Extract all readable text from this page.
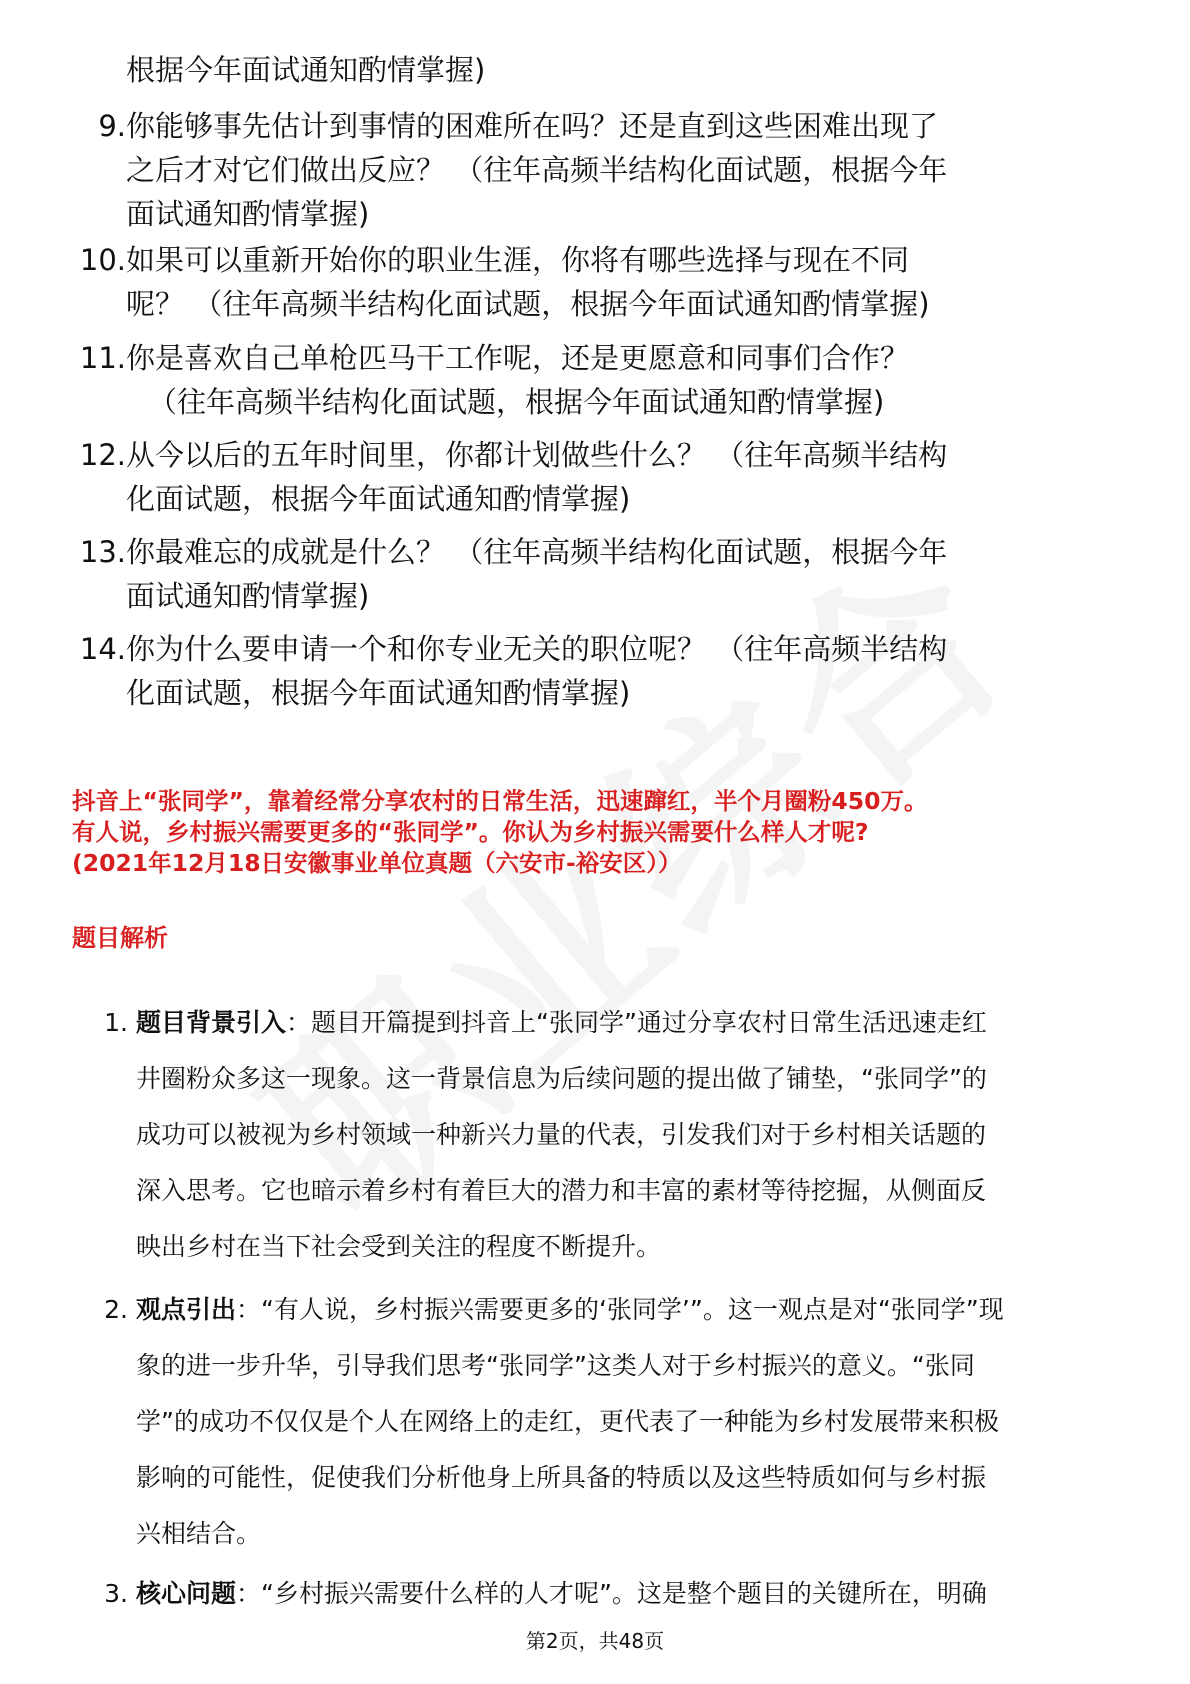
根据今年面试通知酌情掌握)
9. 你能够事先估计到事情的困难所在吗？还是直到这些困难出现了
之后才对它们做出反应？ （往年高频半结构化面试题，根据今年
面试通知酌情掌握)
10. 如果可以重新开始你的职业生涯，你将有哪些选择与现在不同
呢？ （往年高频半结构化面试题，根据今年面试通知酌情掌握)
11. 你是喜欢自己单枪匹马干工作呢，还是更愿意和同事们合作？
（往年高频半结构化面试题，根据今年面试通知酌情掌握)
12. 从今以后的五年时间里，你都计划做些什么？ （往年高频半结构
化面试题，根据今年面试通知酌情掌握)
13. 你最难忘的成就是什么？ （往年高频半结构化面试题，根据今年
面试通知酌情掌握)
14. 你为什么要申请一个和你专业无关的职位呢？ （往年高频半结构
化面试题，根据今年面试通知酌情掌握)
抖音上“张同学”，靠着经常分享农村的日常生活，迅速蹿红，半个月圈粉450万。
有人说，乡村振兴需要更多的“张同学”。你认为乡村振兴需要什么样人才呢?
(2021年12月18日安徽事业单位真题（六安市-裕安区））
题目解析
1. 题目背景引入：题目开篇提到抖音上“张同学”通过分享农村日常生活迅速走红
井圈粉众多这一现象。这一背景信息为后续问题的提出做了铺垫，“张同学”的
成功可以被视为乡村领域一种新兴力量的代表，引发我们对于乡村相关话题的
深入思考。它也暗示着乡村有着巨大的潜力和丰富的素材等待挖掘，从侧面反
映出乡村在当下社会受到关注的程度不断提升。
2. 观点引出：“有人说，乡村振兴需要更多的‘张同学’”。这一观点是对“张同学”现
象的进一步升华，引导我们思考“张同学”这类人对于乡村振兴的意义。“张同
学”的成功不仅仅是个人在网络上的走红，更代表了一种能为乡村发展带来积极
影响的可能性，促使我们分析他身上所具备的特质以及这些特质如何与乡村振
兴相结合。
3. 核心问题：“乡村振兴需要什么样的人才呢”。这是整个题目的关键所在，明确
第2页，共48页
